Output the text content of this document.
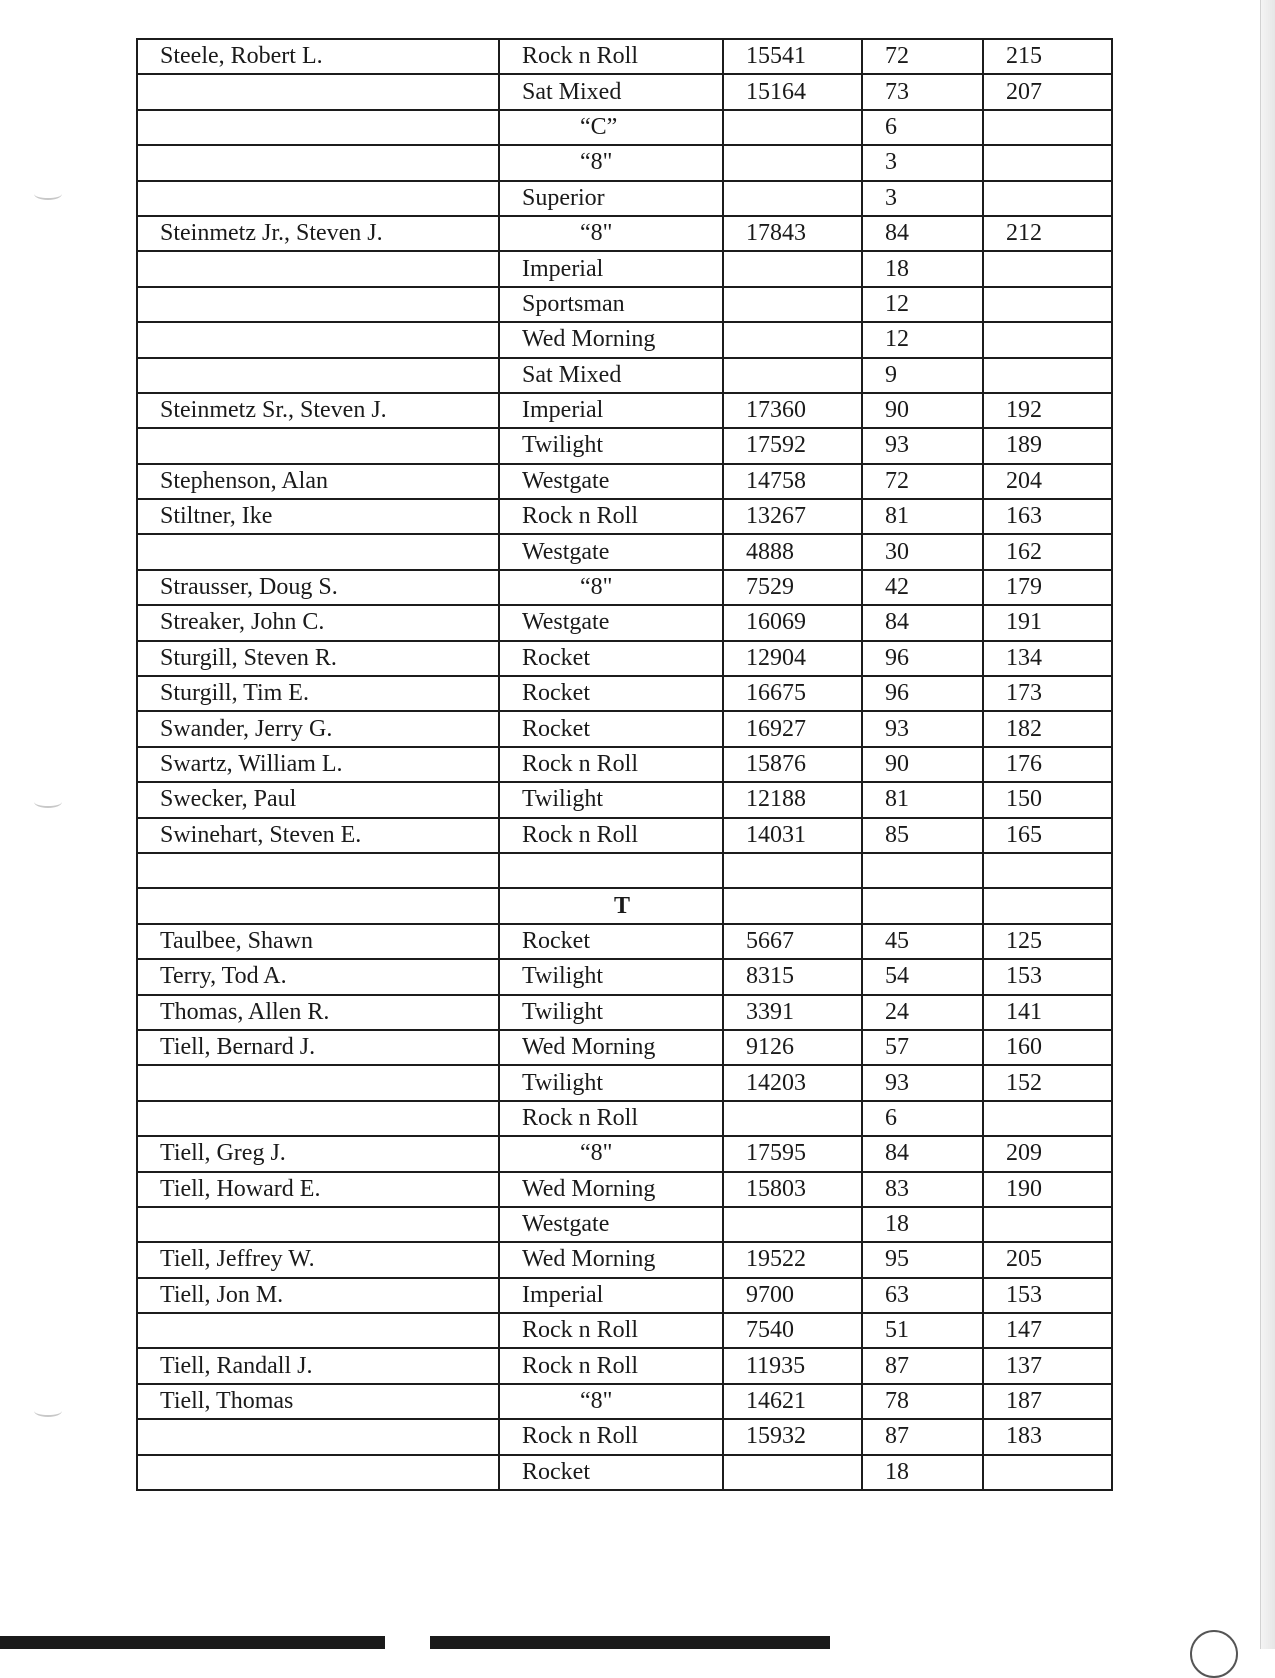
Steele, Robert L.	Rock n Roll	15541	72	215
	Sat Mixed	15164	73	207
	“C”		6	
	“8"		3	
	Superior		3	
Steinmetz Jr., Steven J.	“8"	17843	84	212
	Imperial		18	
	Sportsman		12	
	Wed Morning		12	
	Sat Mixed		9	
Steinmetz Sr., Steven J.	Imperial	17360	90	192
	Twilight	17592	93	189
Stephenson, Alan	Westgate	14758	72	204
Stiltner, Ike	Rock n Roll	13267	81	163
	Westgate	4888	30	162
Strausser, Doug S.	“8"	7529	42	179
Streaker, John C.	Westgate	16069	84	191
Sturgill, Steven R.	Rocket	12904	96	134
Sturgill, Tim E.	Rocket	16675	96	173
Swander, Jerry G.	Rocket	16927	93	182
Swartz, William L.	Rock n Roll	15876	90	176
Swecker, Paul	Twilight	12188	81	150
Swinehart, Steven E.	Rock n Roll	14031	85	165

	T			
Taulbee, Shawn	Rocket	5667	45	125
Terry, Tod A.	Twilight	8315	54	153
Thomas, Allen R.	Twilight	3391	24	141
Tiell, Bernard J.	Wed Morning	9126	57	160
	Twilight	14203	93	152
	Rock n Roll		6	
Tiell, Greg J.	“8"	17595	84	209
Tiell, Howard E.	Wed Morning	15803	83	190
	Westgate		18	
Tiell, Jeffrey W.	Wed Morning	19522	95	205
Tiell, Jon M.	Imperial	9700	63	153
	Rock n Roll	7540	51	147
Tiell, Randall J.	Rock n Roll	11935	87	137
Tiell, Thomas	“8"	14621	78	187
	Rock n Roll	15932	87	183
	Rocket		18	
